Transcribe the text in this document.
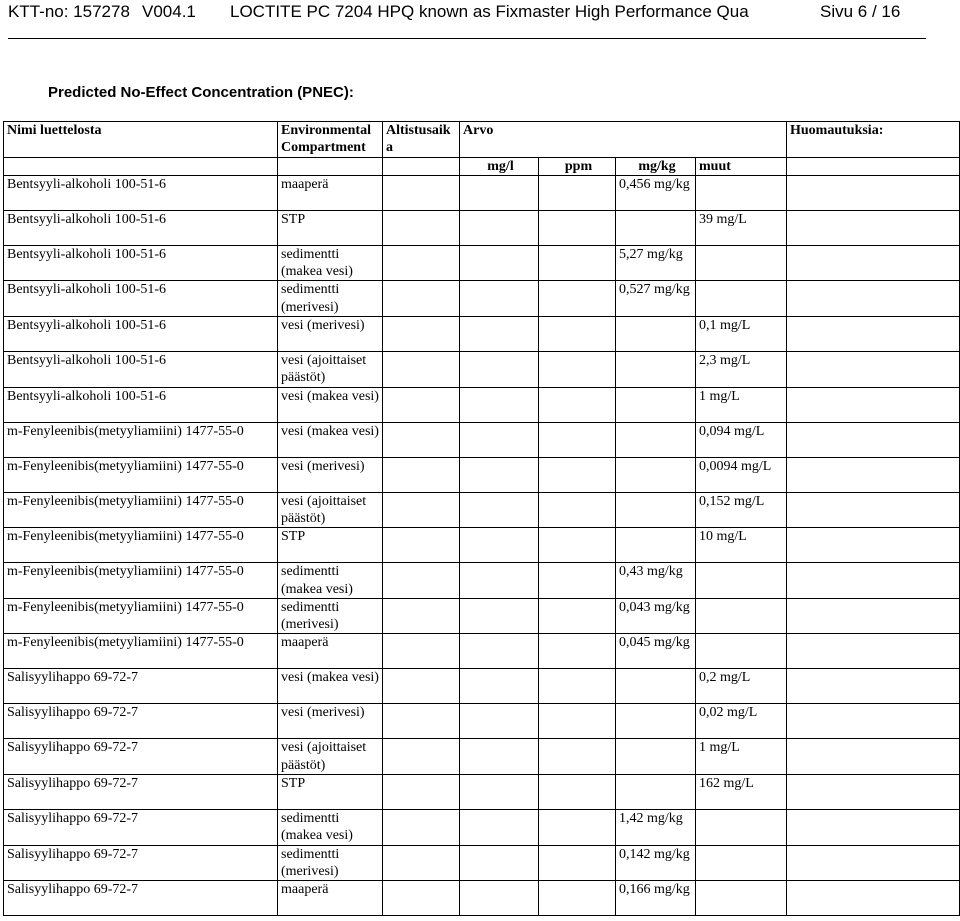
KTT-no: 157278 V004.1 LOCTITE PC 7204 HPQ known as Fixmaster High Performance Qua	Sivu 6 / 16
Predicted No-Effect Concentration (PNEC):
Nimi luettelosta	Environmental Compartment	Altistusaik a	Arvo				Huomautuksia:
			mg/l	ppm	mg/kg	muut	
Bentsyyli-alkoholi 100-51-6	maaperä				0,456 mg/kg		
Bentsyyli-alkoholi 100-51-6	STP					39 mg/L	
Bentsyyli-alkoholi 100-51-6	sedimentti (makea vesi)				5,27 mg/kg		
Bentsyyli-alkoholi 100-51-6	sedimentti (merivesi)				0,527 mg/kg		
Bentsyyli-alkoholi 100-51-6	vesi (merivesi)					0,1 mg/L	
Bentsyyli-alkoholi 100-51-6	vesi (ajoittaiset päästöt)					2,3 mg/L	
Bentsyyli-alkoholi 100-51-6	vesi (makea vesi)					1 mg/L	
m-Fenyleenibis(metyyliamiini) 1477-55-0	vesi (makea vesi)					0,094 mg/L	
m-Fenyleenibis(metyyliamiini) 1477-55-0	vesi (merivesi)					0,0094 mg/L	
m-Fenyleenibis(metyyliamiini) 1477-55-0	vesi (ajoittaiset päästöt)					0,152 mg/L	
m-Fenyleenibis(metyyliamiini) 1477-55-0	STP					10 mg/L	
m-Fenyleenibis(metyyliamiini) 1477-55-0	sedimentti (makea vesi)				0,43 mg/kg		
m-Fenyleenibis(metyyliamiini) 1477-55-0	sedimentti (merivesi)				0,043 mg/kg		
m-Fenyleenibis(metyyliamiini) 1477-55-0	maaperä				0,045 mg/kg		
Salisyylihappo 69-72-7	vesi (makea vesi)					0,2 mg/L	
Salisyylihappo 69-72-7	vesi (merivesi)					0,02 mg/L	
Salisyylihappo 69-72-7	vesi (ajoittaiset päästöt)					1 mg/L	
Salisyylihappo 69-72-7	STP					162 mg/L	
Salisyylihappo 69-72-7	sedimentti (makea vesi)				1,42 mg/kg		
Salisyylihappo 69-72-7	sedimentti (merivesi)				0,142 mg/kg		
Salisyylihappo 69-72-7	maaperä				0,166 mg/kg		
